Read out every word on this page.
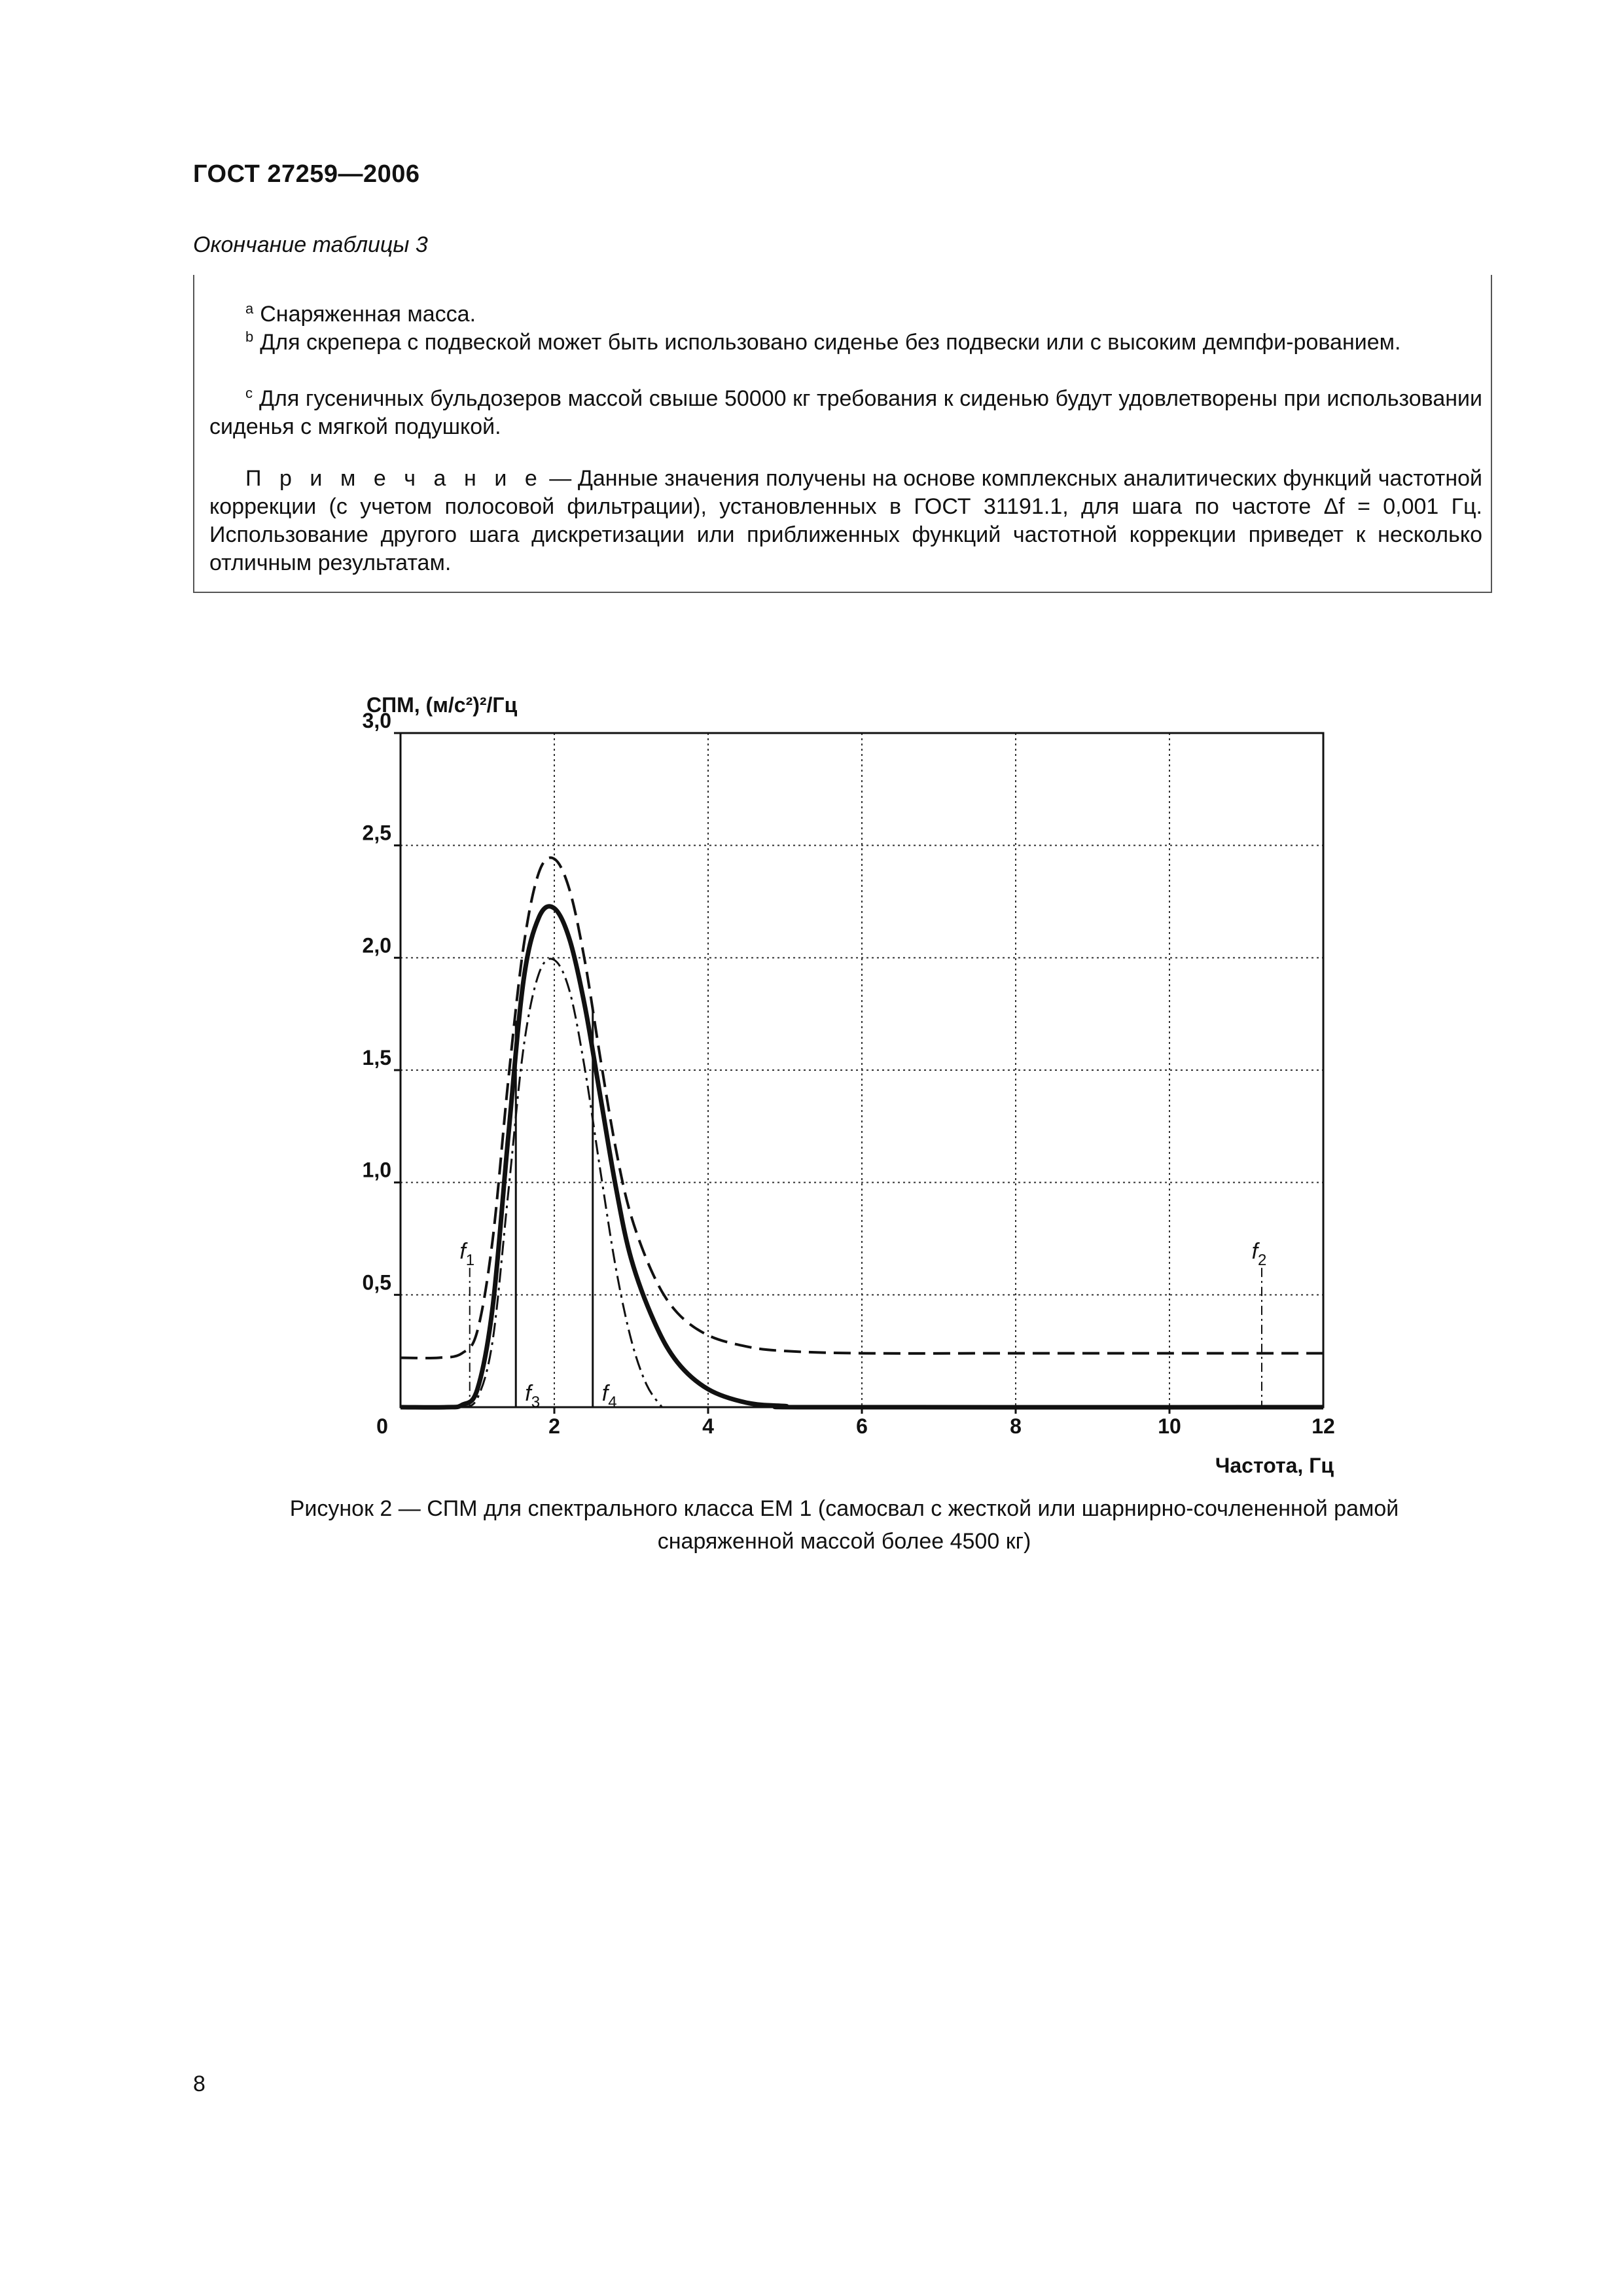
ГОСТ 27259—2006
Окончание таблицы 3
$^a$ Снаряженная масса.
$^b$ Для скрепера с подвеской может быть использовано сиденье без подвески или с высоким демпфи-рованием.
$^c$ Для гусеничных бульдозеров массой свыше 50000 кг требования к сиденью будут удовлетворены при использовании сиденья с мягкой подушкой.
П р и м е ч а н и е — Данные значения получены на основе комплексных аналитических функций частотной коррекции (с учетом полосовой фильтрации), установленных в ГОСТ 31191.1, для шага по частоте Δf = 0,001 Гц. Использование другого шага дискретизации или приближенных функций частотной коррекции приведет к несколько отличным результатам.
0	2	4	6	8	10	12
0,5
1,0
1,5
2,0
2,5
3,0
СПМ, (м/с²)²/Гц
Частота, Гц
$f_1$	$f_2$
$f_3$	$f_4$
Рисунок 2 — СПМ для спектрального класса ЕМ 1 (самосвал с жесткой или шарнирно-сочлененной рамой
снаряженной массой более 4500 кг)
8
